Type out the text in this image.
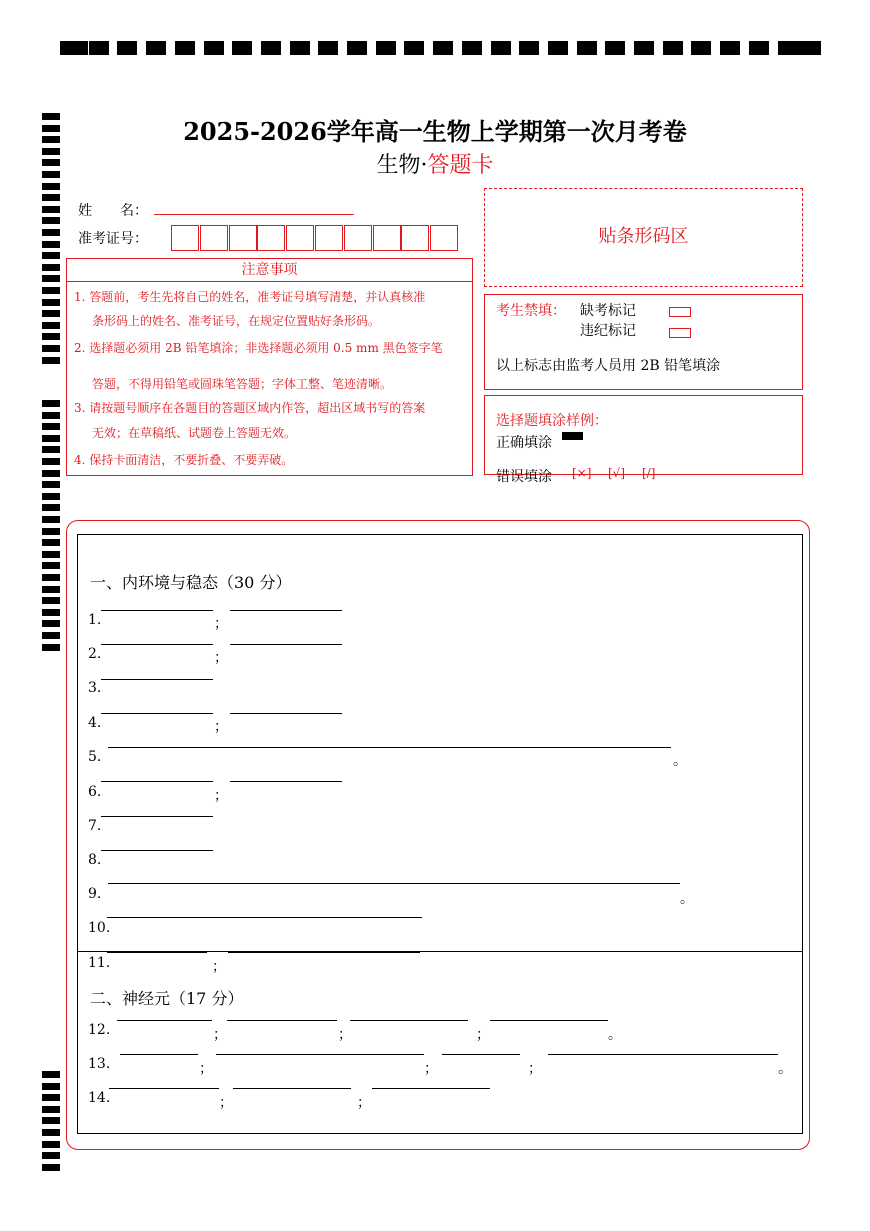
2025-2026学年高一生物上学期第一次月考卷
生物·答题卡
姓　　名：
准考证号：	贴条形码区
注意事项
1. 答题前，考生先将自己的姓名，准考证号填写清楚，并认真核准
条形码上的姓名、准考证号，在规定位置贴好条形码。
2. 选择题必须用 2B 铅笔填涂；非选择题必须用 0.5 mm 黑色签字笔
答题，不得用铅笔或圆珠笔答题；字体工整、笔迹清晰。
3. 请按题号顺序在各题目的答题区域内作答，超出区域书写的答案
无效；在草稿纸、试题卷上答题无效。
4. 保持卡面清洁，不要折叠、不要弄破。
考生禁填： 缺考标记
违纪标记
以上标志由监考人员用 2B 铅笔填涂
选择题填涂样例：
正确填涂
错误填涂 [×] [√] [/]
一、内环境与稳态（30 分）
二、神经元（17 分）
1.	；
2.	；
3.
4.	；
5.	。
6.	；
7.
8.
9.	。
10.
11.	；
12.	；	；	；	。
13.	；	；	；	。
14.	；	；
